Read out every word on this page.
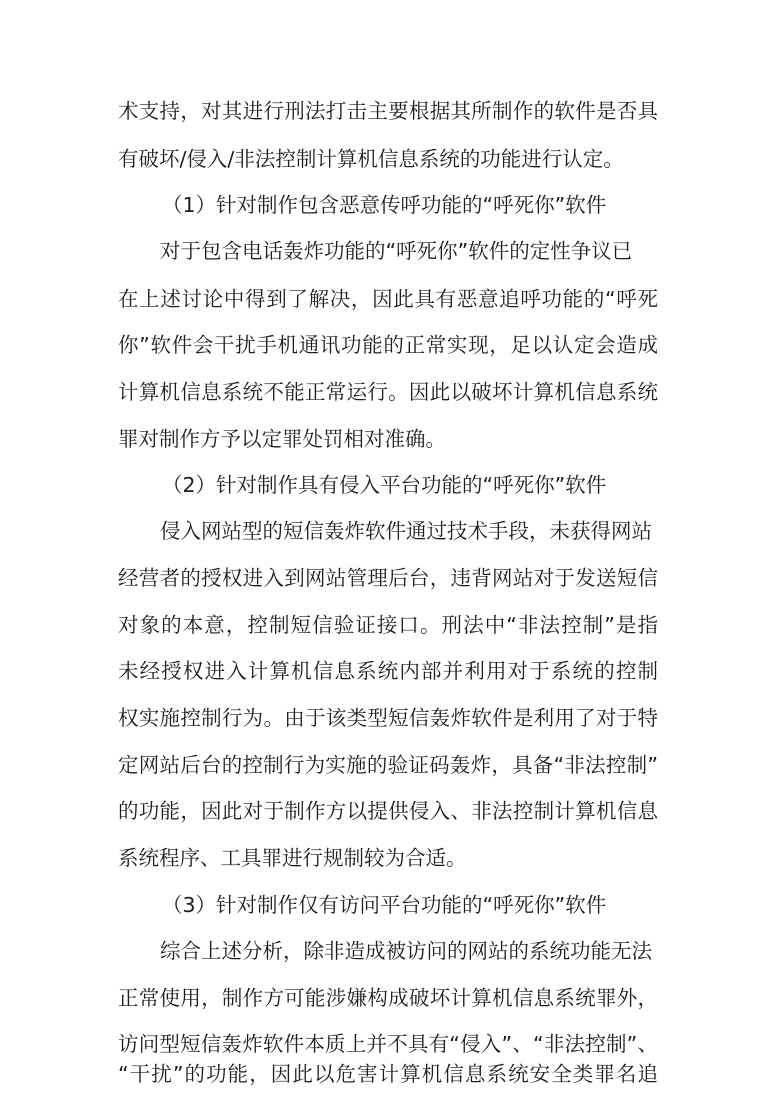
术支持，对其进行刑法打击主要根据其所制作的软件是否具
有破坏/侵入/非法控制计算机信息系统的功能进行认定。
（1）针对制作包含恶意传呼功能的“呼死你”软件
对于包含电话轰炸功能的“呼死你”软件的定性争议已
在上述讨论中得到了解决，因此具有恶意追呼功能的“呼死
你”软件会干扰手机通讯功能的正常实现，足以认定会造成
计算机信息系统不能正常运行。因此以破坏计算机信息系统
罪对制作方予以定罪处罚相对准确。
（2）针对制作具有侵入平台功能的“呼死你”软件
侵入网站型的短信轰炸软件通过技术手段，未获得网站
经营者的授权进入到网站管理后台，违背网站对于发送短信
对象的本意，控制短信验证接口。刑法中“非法控制”是指
未经授权进入计算机信息系统内部并利用对于系统的控制
权实施控制行为。由于该类型短信轰炸软件是利用了对于特
定网站后台的控制行为实施的验证码轰炸，具备“非法控制”
的功能，因此对于制作方以提供侵入、非法控制计算机信息
系统程序、工具罪进行规制较为合适。
（3）针对制作仅有访问平台功能的“呼死你”软件
综合上述分析，除非造成被访问的网站的系统功能无法
正常使用，制作方可能涉嫌构成破坏计算机信息系统罪外，
访问型短信轰炸软件本质上并不具有“侵入”、“非法控制”、
“干扰”的功能，因此以危害计算机信息系统安全类罪名追
